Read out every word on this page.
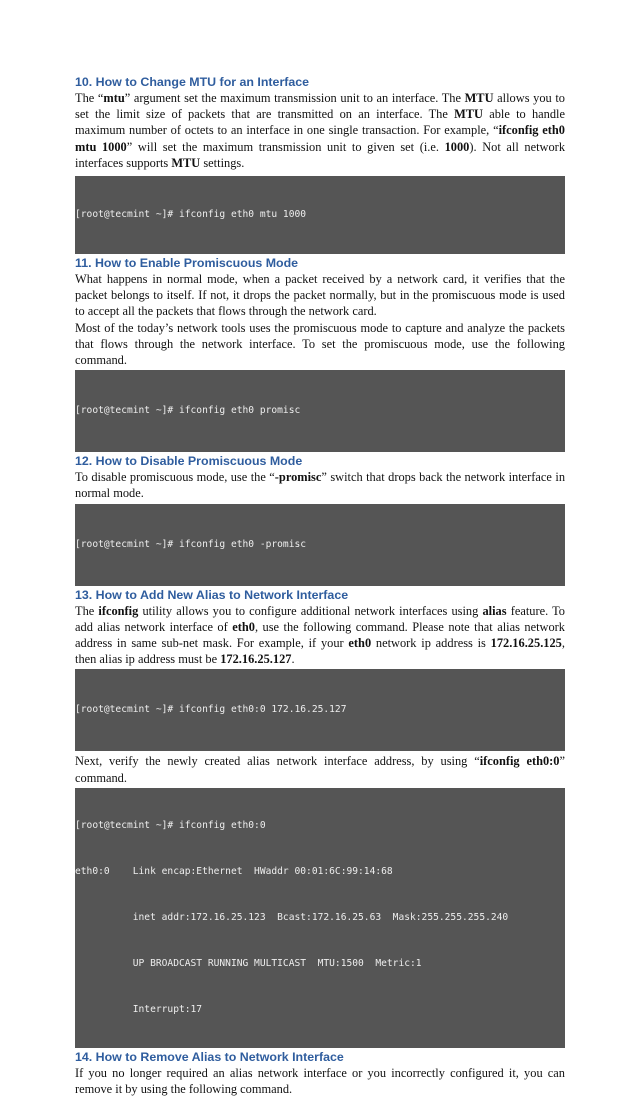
10. How to Change MTU for an Interface

The “mtu” argument set the maximum transmission unit to an interface. The MTU allows you to set the limit size of packets that are transmitted on an interface. The MTU able to handle maximum number of octets to an interface in one single transaction. For example, “ifconfig eth0 mtu 1000” will set the maximum transmission unit to given set (i.e. 1000). Not all network interfaces supports MTU settings.

[root@tecmint ~]# ifconfig eth0 mtu 1000

11. How to Enable Promiscuous Mode

What happens in normal mode, when a packet received by a network card, it verifies that the packet belongs to itself. If not, it drops the packet normally, but in the promiscuous mode is used to accept all the packets that flows through the network card.

Most of the today’s network tools uses the promiscuous mode to capture and analyze the packets that flows through the network interface. To set the promiscuous mode, use the following command.

[root@tecmint ~]# ifconfig eth0 promisc

12. How to Disable Promiscuous Mode

To disable promiscuous mode, use the “-promisc” switch that drops back the network interface in normal mode.

[root@tecmint ~]# ifconfig eth0 -promisc

13. How to Add New Alias to Network Interface

The ifconfig utility allows you to configure additional network interfaces using alias feature. To add alias network interface of eth0, use the following command. Please note that alias network address in same sub-net mask. For example, if your eth0 network ip address is 172.16.25.125, then alias ip address must be 172.16.25.127.

[root@tecmint ~]# ifconfig eth0:0 172.16.25.127

Next, verify the newly created alias network interface address, by using “ifconfig eth0:0” command.

[root@tecmint ~]# ifconfig eth0:0

eth0:0    Link encap:Ethernet  HWaddr 00:01:6C:99:14:68

inet addr:172.16.25.123  Bcast:172.16.25.63  Mask:255.255.255.240

UP BROADCAST RUNNING MULTICAST  MTU:1500  Metric:1

Interrupt:17

14. How to Remove Alias to Network Interface

If you no longer required an alias network interface or you incorrectly configured it, you can remove it by using the following command.
